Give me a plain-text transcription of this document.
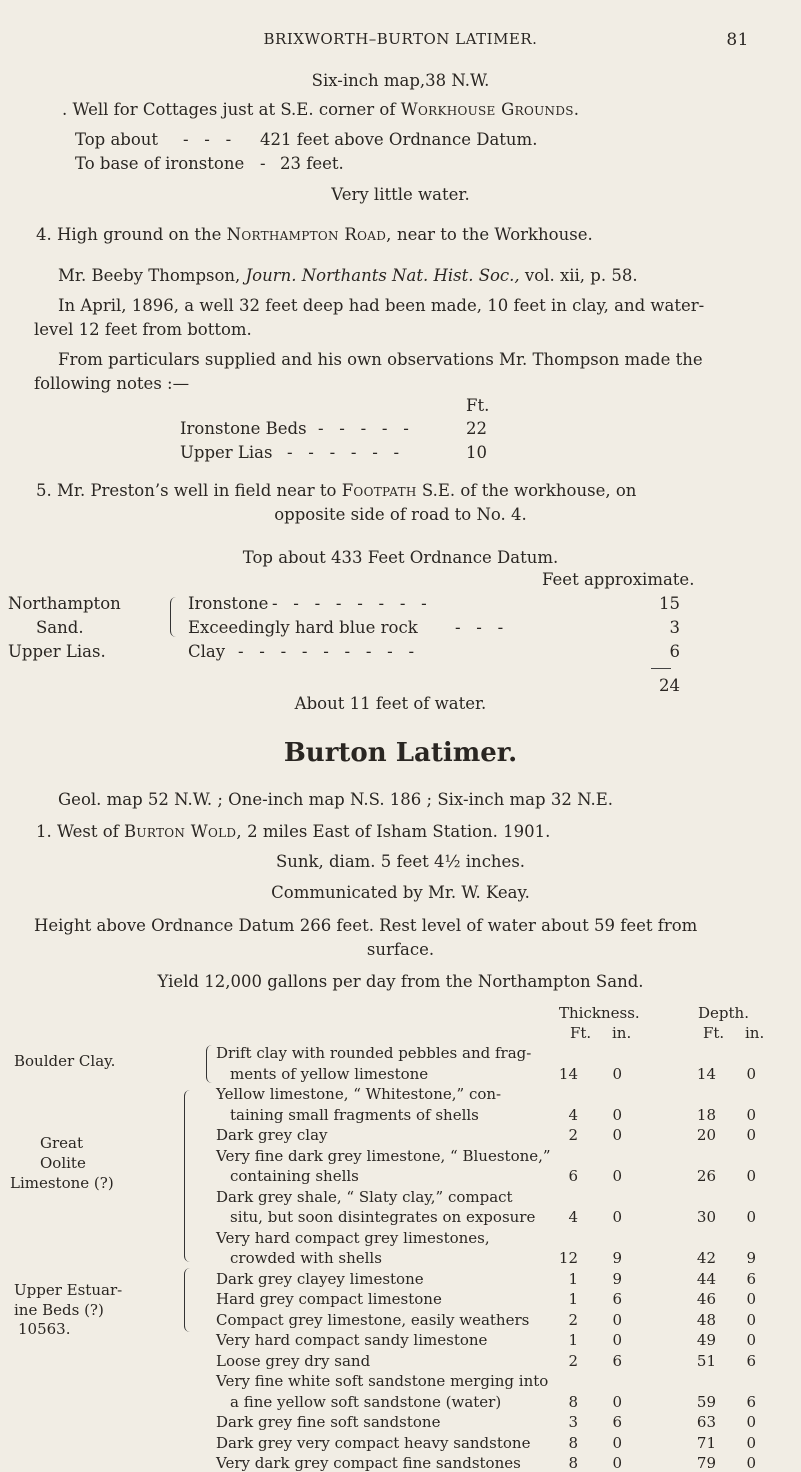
BRIXWORTH–BURTON LATIMER.	81
Six-inch map,38 N.W.
. Well for Cottages just at S.E. corner of Workhouse Grounds.
Top about -   -   - 421 feet above Ordnance Datum.
To base of ironstone - 23 feet.
Very little water.
4. High ground on the Northampton Road, near to the Workhouse.
Mr. Beeby Thompson, Journ. Northants Nat. Hist. Soc., vol. xii, p. 58.
In April, 1896, a well 32 feet deep had been made, 10 feet in clay, and water-
level 12 feet from bottom.
From particulars supplied and his own observations Mr. Thompson made the
following notes :—
Ft.
Ironstone Beds -   -   -   -   -	22
Upper Lias -   -   -   -   -   -	10
5. Mr. Preston’s well in field near to Footpath S.E. of the workhouse, on
opposite side of road to No. 4.
Top about 433 Feet Ordnance Datum.
Feet approximate.
Northampton
Sand.
Upper Lias.
Ironstone -   -   -   -   -   -   -   -	15
Exceedingly hard blue rock -   -   -	3
Clay -   -   -   -   -   -   -   -   -	6
24
About 11 feet of water.
Burton Latimer.
Geol. map 52 N.W. ; One-inch map N.S. 186 ; Six-inch map 32 N.E.
1. West of Burton Wold, 2 miles East of Isham Station. 1901.
Sunk, diam. 5 feet 4½ inches.
Communicated by Mr. W. Keay.
Height above Ordnance Datum 266 feet. Rest level of water about 59 feet from
surface.
Yield 12,000 gallons per day from the Northampton Sand.
Thickness.	Depth.
Ft. in.	Ft. in.
Boulder Clay.
Great
Oolite
Limestone (?)
Upper Estuar-
ine Beds (?)
Drift clay with rounded pebbles and frag-
ments of yellow limestone	14	0	14	0
Yellow limestone, “ Whitestone,” con-
taining small fragments of shells	4	0	18	0
Dark grey clay	2	0	20	0
Very fine dark grey limestone, “ Bluestone,”
containing shells	6	0	26	0
Dark grey shale, “ Slaty clay,” compact
situ, but soon disintegrates on exposure	4	0	30	0
Very hard compact grey limestones,
crowded with shells	12	9	42	9
Dark grey clayey limestone	1	9	44	6
Hard grey compact limestone	1	6	46	0
Compact grey limestone, easily weathers	2	0	48	0
Very hard compact sandy limestone	1	0	49	0
Loose grey dry sand	2	6	51	6
Very fine white soft sandstone merging into
a fine yellow soft sandstone (water)	8	0	59	6
Dark grey fine soft sandstone	3	6	63	0
Dark grey very compact heavy sandstone	8	0	71	0
Very dark grey compact fine sandstones	8	0	79	0
10563.
